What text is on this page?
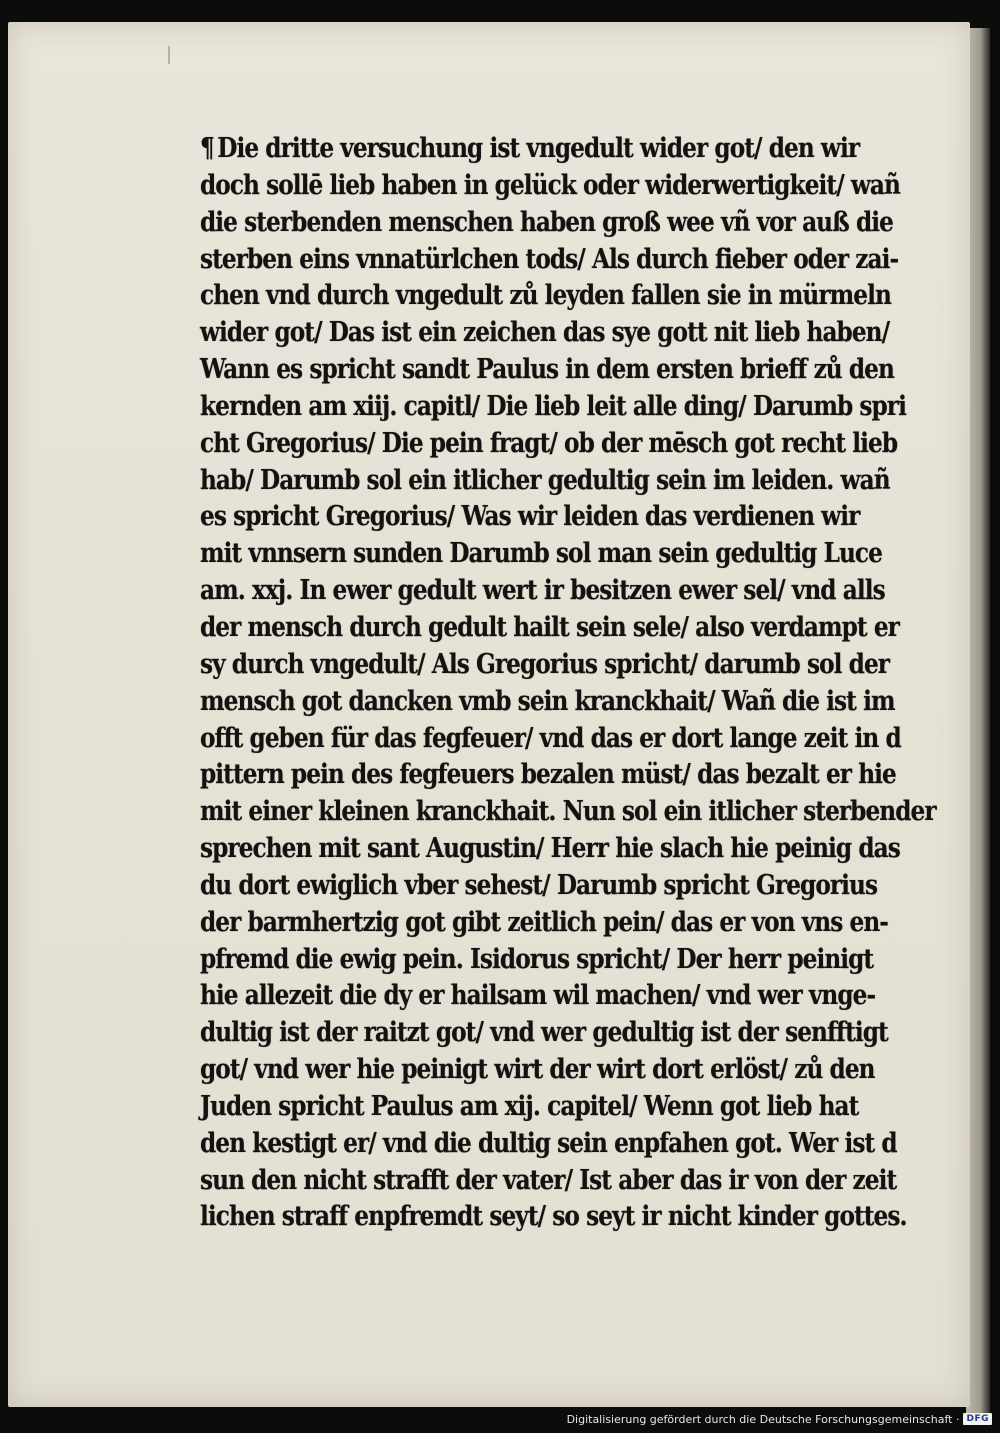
¶ Die dritte versuchung ist vngedult wider got/ den wir
doch sollē lieb haben in gelück oder widerwertigkeit/ wañ
die sterbenden menschen haben groß wee vñ vor auß die
sterben eins vnnatürlchen tods/ Als durch fieber oder zai-
chen vnd durch vngedult zů leyden fallen sie in mürmeln
wider got/ Das ist ein zeichen das sye gott nit lieb haben/
Wann es spricht sandt Paulus in dem ersten brieff zů den
kernden am xiij. capitl/ Die lieb leit alle ding/ Darumb spri
cht Gregorius/ Die pein fragt/ ob der mēsch got recht lieb
hab/ Darumb sol ein itlicher gedultig sein im leiden. wañ
es spricht Gregorius/ Was wir leiden das verdienen wir
mit vnnsern sunden Darumb sol man sein gedultig Luce
am. xxj. In ewer gedult wert ir besitzen ewer sel/ vnd alls
der mensch durch gedult hailt sein sele/ also verdampt er
sy durch vngedult/ Als Gregorius spricht/ darumb sol der
mensch got dancken vmb sein kranckhait/ Wañ die ist im
offt geben für das fegfeuer/ vnd das er dort lange zeit in d
pittern pein des fegfeuers bezalen müst/ das bezalt er hie
mit einer kleinen kranckhait. Nun sol ein itlicher sterbender
sprechen mit sant Augustin/ Herr hie slach hie peinig das
du dort ewiglich vber sehest/ Darumb spricht Gregorius
der barmhertzig got gibt zeitlich pein/ das er von vns en-
pfremd die ewig pein. Isidorus spricht/ Der herr peinigt
hie allezeit die dy er hailsam wil machen/ vnd wer vnge-
dultig ist der raitzt got/ vnd wer gedultig ist der senfftigt
got/ vnd wer hie peinigt wirt der wirt dort erlöst/ zů den
Juden spricht Paulus am xij. capitel/ Wenn got lieb hat
den kestigt er/ vnd die dultig sein enpfahen got. Wer ist d
sun den nicht strafft der vater/ Ist aber das ir von der zeit
lichen straff enpfremdt seyt/ so seyt ir nicht kinder gottes.
Digitalisierung gefördert durch die Deutsche Forschungsgemeinschaft · DFG
